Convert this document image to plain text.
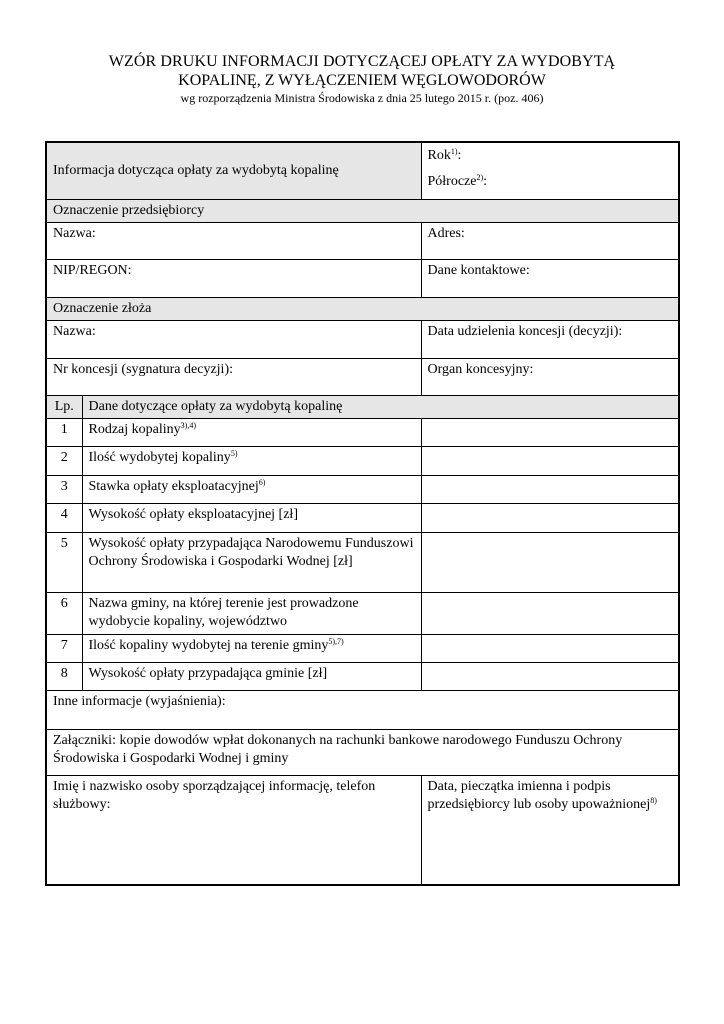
WZÓR DRUKU INFORMACJI DOTYCZĄCEJ OPŁATY ZA WYDOBYTĄ
KOPALINĘ, Z WYŁĄCZENIEM WĘGLOWODORÓW
wg rozporządzenia Ministra Środowiska z dnia 25 lutego 2015 r. (poz. 406)
Informacja dotycząca opłaty za wydobytą kopalinę		Rok$^{1)}$:
Półrocze$^{2)}$:

Oznaczenie przedsiębiorcy		
Nazwa:		Adres:
NIP/REGON:		Dane kontaktowe:
Oznaczenie złoża		
Nazwa:		Data udzielenia koncesji (decyzji):
Nr koncesji (sygnatura decyzji):		Organ koncesyjny:
Lp.	Dane dotyczące opłaty za wydobytą kopalinę	
1	Rodzaj kopaliny$^{3),4)}$	
2	Ilość wydobytej kopaliny$^{5)}$	
3	Stawka opłaty eksploatacyjnej$^{6)}$	
4	Wysokość opłaty eksploatacyjnej [zł]	
5	Wysokość opłaty przypadająca Narodowemu Funduszowi Ochrony Środowiska i Gospodarki Wodnej [zł]	
6	Nazwa gminy, na której terenie jest prowadzone wydobycie kopaliny, województwo	
7	Ilość kopaliny wydobytej na terenie gminy$^{5),7)}$	
8	Wysokość opłaty przypadająca gminie [zł]	
Inne informacje (wyjaśnienia):		
Załączniki: kopie dowodów wpłat dokonanych na rachunki bankowe narodowego Funduszu Ochrony Środowiska i Gospodarki Wodnej i gminy		
Imię i nazwisko osoby sporządzającej informację, telefon służbowy:		Data, pieczątka imienna i podpis przedsiębiorcy lub osoby upoważnionej$^{8)}$
